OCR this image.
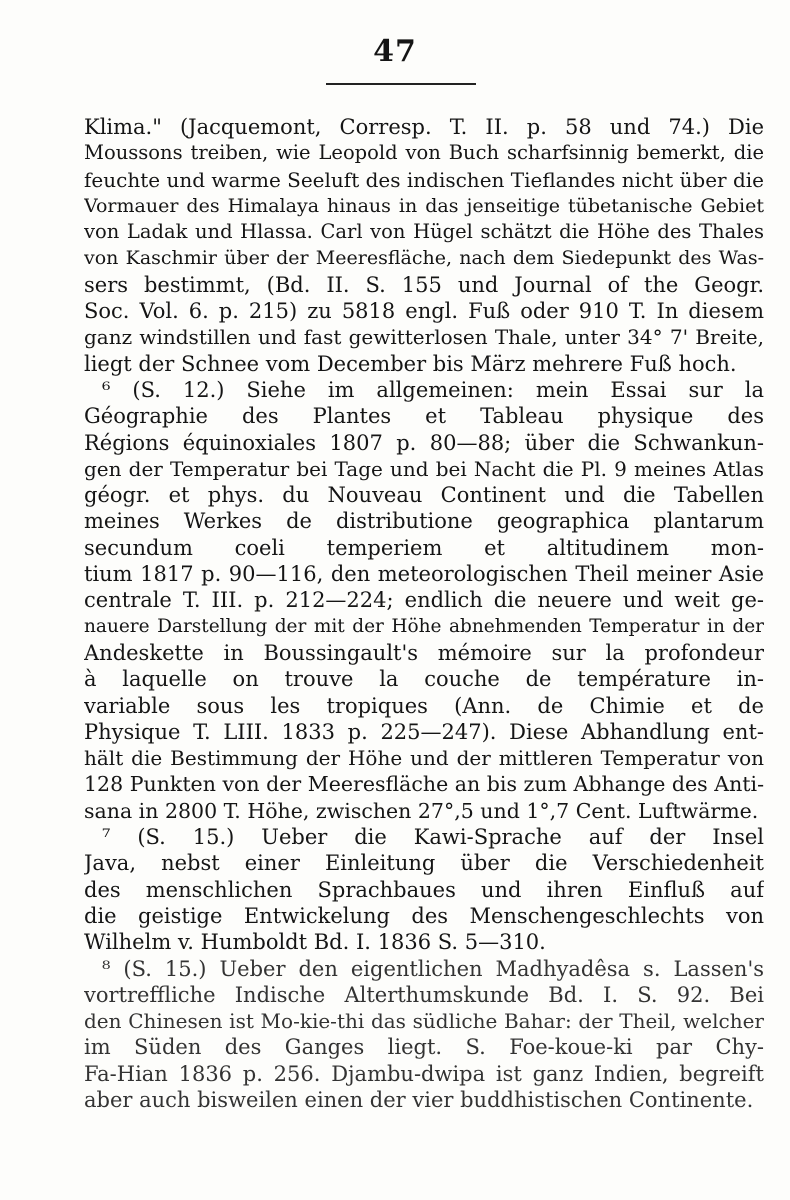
47
Klima." (Jacquemont, Corresp. T. II. p. 58 und 74.) Die
Moussons treiben, wie Leopold von Buch scharfsinnig bemerkt, die
feuchte und warme Seeluft des indischen Tieflandes nicht über die
Vormauer des Himalaya hinaus in das jenseitige tübetanische Gebiet
von Ladak und Hlassa. Carl von Hügel schätzt die Höhe des Thales
von Kaschmir über der Meeresfläche, nach dem Siedepunkt des Was-
sers bestimmt, (Bd. II. S. 155 und Journal of the Geogr.
Soc. Vol. 6. p. 215) zu 5818 engl. Fuß oder 910 T. In diesem
ganz windstillen und fast gewitterlosen Thale, unter 34° 7' Breite,
liegt der Schnee vom December bis März mehrere Fuß hoch.
⁶ (S. 12.) Siehe im allgemeinen: mein Essai sur la
Géographie des Plantes et Tableau physique des
Régions équinoxiales 1807 p. 80—88; über die Schwankun-
gen der Temperatur bei Tage und bei Nacht die Pl. 9 meines Atlas
géogr. et phys. du Nouveau Continent und die Tabellen
meines Werkes de distributione geographica plantarum
secundum coeli temperiem et altitudinem mon-
tium 1817 p. 90—116, den meteorologischen Theil meiner Asie
centrale T. III. p. 212—224; endlich die neuere und weit ge-
nauere Darstellung der mit der Höhe abnehmenden Temperatur in der
Andeskette in Boussingault's mémoire sur la profondeur
à laquelle on trouve la couche de température in-
variable sous les tropiques (Ann. de Chimie et de
Physique T. LIII. 1833 p. 225—247). Diese Abhandlung ent-
hält die Bestimmung der Höhe und der mittleren Temperatur von
128 Punkten von der Meeresfläche an bis zum Abhange des Anti-
sana in 2800 T. Höhe, zwischen 27°,5 und 1°,7 Cent. Luftwärme.
⁷ (S. 15.) Ueber die Kawi-Sprache auf der Insel
Java, nebst einer Einleitung über die Verschiedenheit
des menschlichen Sprachbaues und ihren Einfluß auf
die geistige Entwickelung des Menschengeschlechts von
Wilhelm v. Humboldt Bd. I. 1836 S. 5—310.
⁸ (S. 15.) Ueber den eigentlichen Madhyadêsa s. Lassen's
vortreffliche Indische Alterthumskunde Bd. I. S. 92. Bei
den Chinesen ist Mo-kie-thi das südliche Bahar: der Theil, welcher
im Süden des Ganges liegt. S. Foe-koue-ki par Chy-
Fa-Hian 1836 p. 256. Djambu-dwipa ist ganz Indien, begreift
aber auch bisweilen einen der vier buddhistischen Continente.
